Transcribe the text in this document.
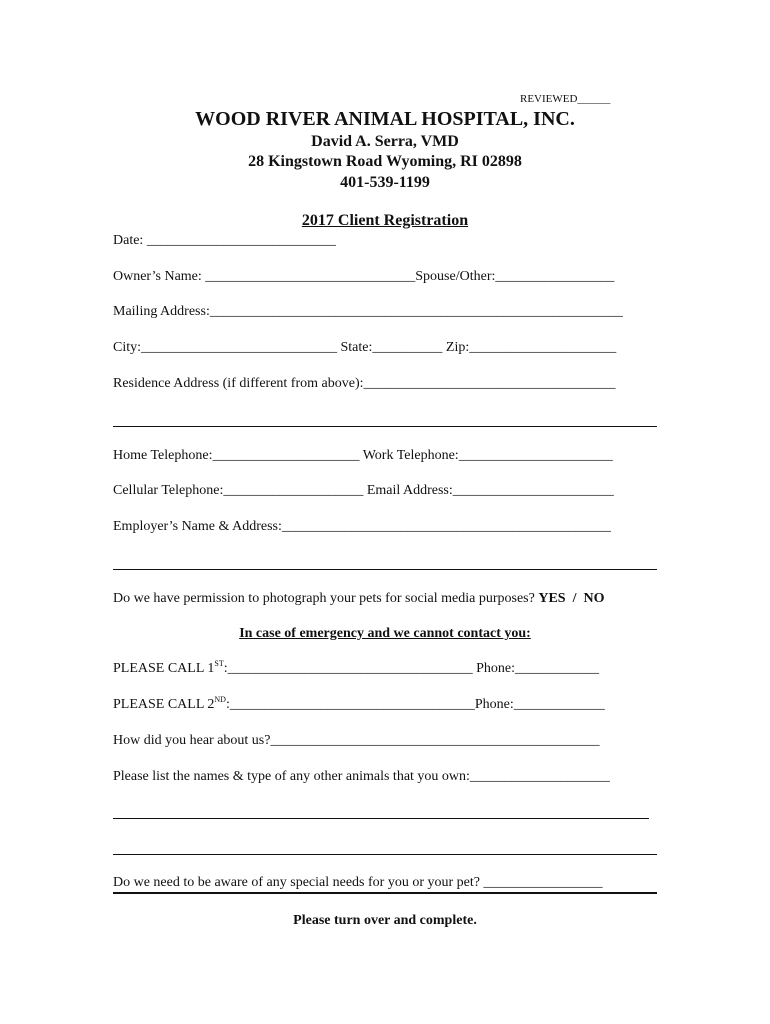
REVIEWED______
WOOD RIVER ANIMAL HOSPITAL, INC.
David A. Serra, VMD
28 Kingstown Road Wyoming, RI 02898
401-539-1199
2017 Client Registration
Date: ___________________________
Owner’s Name: ______________________________Spouse/Other:_________________
Mailing Address:___________________________________________________________
City:____________________________ State:__________ Zip:_____________________
Residence Address (if different from above):____________________________________
Home Telephone:_____________________ Work Telephone:______________________
Cellular Telephone:____________________ Email Address:_______________________
Employer’s Name & Address:_______________________________________________
Do we have permission to photograph your pets for social media purposes? YES  /  NO
In case of emergency and we cannot contact you:
PLEASE CALL 1ST:___________________________________ Phone:____________
PLEASE CALL 2ND:___________________________________Phone:_____________
How did you hear about us?_______________________________________________
Please list the names & type of any other animals that you own:____________________
Do we need to be aware of any special needs for you or your pet? _________________
Please turn over and complete.
